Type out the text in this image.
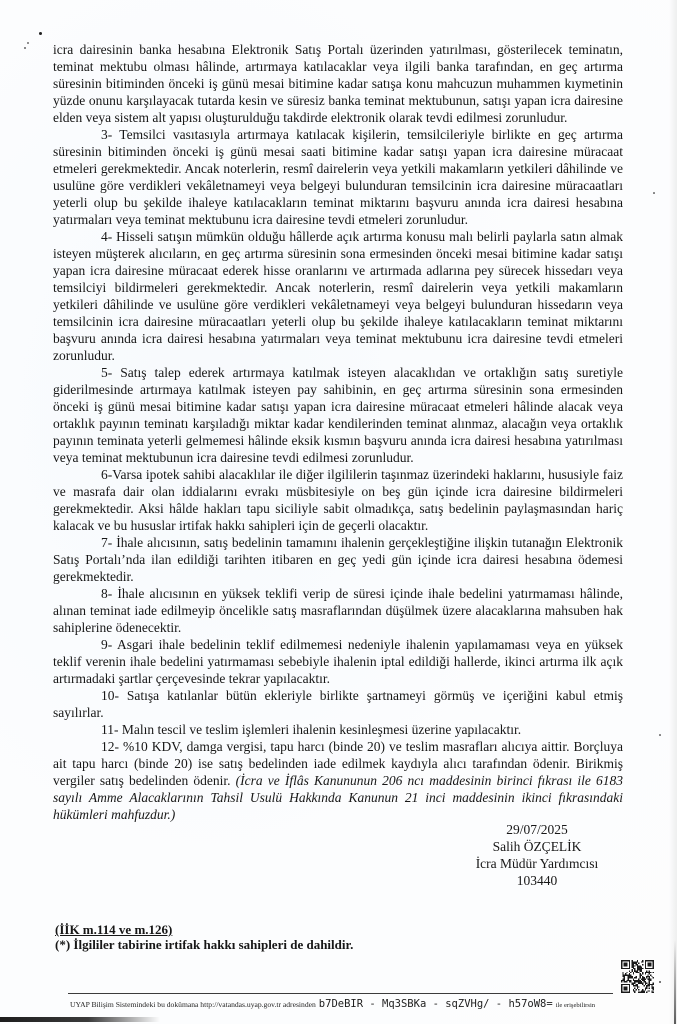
icra dairesinin banka hesabına Elektronik Satış Portalı üzerinden yatırılması, gösterilecek teminatın,
teminat mektubu olması hâlinde, artırmaya katılacaklar veya ilgili banka tarafından, en geç artırma
süresinin bitiminden önceki iş günü mesai bitimine kadar satışa konu mahcuzun muhammen kıymetinin
yüzde onunu karşılayacak tutarda kesin ve süresiz banka teminat mektubunun, satışı yapan icra dairesine
elden veya sistem alt yapısı oluşturulduğu takdirde elektronik olarak tevdi edilmesi zorunludur.
3- Temsilci vasıtasıyla artırmaya katılacak kişilerin, temsilcileriyle birlikte en geç artırma
süresinin bitiminden önceki iş günü mesai saati bitimine kadar satışı yapan icra dairesine müracaat
etmeleri gerekmektedir. Ancak noterlerin, resmî dairelerin veya yetkili makamların yetkileri dâhilinde ve
usulüne göre verdikleri vekâletnameyi veya belgeyi bulunduran temsilcinin icra dairesine müracaatları
yeterli olup bu şekilde ihaleye katılacakların teminat miktarını başvuru anında icra dairesi hesabına
yatırmaları veya teminat mektubunu icra dairesine tevdi etmeleri zorunludur.
4- Hisseli satışın mümkün olduğu hâllerde açık artırma konusu malı belirli paylarla satın almak
isteyen müşterek alıcıların, en geç artırma süresinin sona ermesinden önceki mesai bitimine kadar satışı
yapan icra dairesine müracaat ederek hisse oranlarını ve artırmada adlarına pey sürecek hissedarı veya
temsilciyi bildirmeleri gerekmektedir. Ancak noterlerin, resmî dairelerin veya yetkili makamların
yetkileri dâhilinde ve usulüne göre verdikleri vekâletnameyi veya belgeyi bulunduran hissedarın veya
temsilcinin icra dairesine müracaatları yeterli olup bu şekilde ihaleye katılacakların teminat miktarını
başvuru anında icra dairesi hesabına yatırmaları veya teminat mektubunu icra dairesine tevdi etmeleri
zorunludur.
5- Satış talep ederek artırmaya katılmak isteyen alacaklıdan ve ortaklığın satış suretiyle
giderilmesinde artırmaya katılmak isteyen pay sahibinin, en geç artırma süresinin sona ermesinden
önceki iş günü mesai bitimine kadar satışı yapan icra dairesine müracaat etmeleri hâlinde alacak veya
ortaklık payının teminatı karşıladığı miktar kadar kendilerinden teminat alınmaz, alacağın veya ortaklık
payının teminata yeterli gelmemesi hâlinde eksik kısmın başvuru anında icra dairesi hesabına yatırılması
veya teminat mektubunun icra dairesine tevdi edilmesi zorunludur.
6-Varsa ipotek sahibi alacaklılar ile diğer ilgililerin taşınmaz üzerindeki haklarını, hususiyle faiz
ve masrafa dair olan iddialarını evrakı müsbitesiyle on beş gün içinde icra dairesine bildirmeleri
gerekmektedir. Aksi hâlde hakları tapu siciliyle sabit olmadıkça, satış bedelinin paylaşmasından hariç
kalacak ve bu hususlar irtifak hakkı sahipleri için de geçerli olacaktır.
7- İhale alıcısının, satış bedelinin tamamını ihalenin gerçekleştiğine ilişkin tutanağın Elektronik
Satış Portalı’nda ilan edildiği tarihten itibaren en geç yedi gün içinde icra dairesi hesabına ödemesi
gerekmektedir.
8- İhale alıcısının en yüksek teklifi verip de süresi içinde ihale bedelini yatırmaması hâlinde,
alınan teminat iade edilmeyip öncelikle satış masraflarından düşülmek üzere alacaklarına mahsuben hak
sahiplerine ödenecektir.
9- Asgari ihale bedelinin teklif edilmemesi nedeniyle ihalenin yapılamaması veya en yüksek
teklif verenin ihale bedelini yatırmaması sebebiyle ihalenin iptal edildiği hallerde, ikinci artırma ilk açık
artırmadaki şartlar çerçevesinde tekrar yapılacaktır.
10- Satışa katılanlar bütün ekleriyle birlikte şartnameyi görmüş ve içeriğini kabul etmiş
sayılırlar.
11- Malın tescil ve teslim işlemleri ihalenin kesinleşmesi üzerine yapılacaktır.
12- %10 KDV, damga vergisi, tapu harcı (binde 20) ve teslim masrafları alıcıya aittir. Borçluya
ait tapu harcı (binde 20) ise satış bedelinden iade edilmek kaydıyla alıcı tarafından ödenir. Birikmiş
vergiler satış bedelinden ödenir. (İcra ve İflâs Kanununun 206 ncı maddesinin birinci fıkrası ile 6183
sayılı Amme Alacaklarının Tahsil Usulü Hakkında Kanunun 21 inci maddesinin ikinci fıkrasındaki
hükümleri mahfuzdur.)
29/07/2025
Salih ÖZÇELİK
İcra Müdür Yardımcısı
103440
(İİK m.114 ve m.126)
(*) İlgililer tabirine irtifak hakkı sahipleri de dahildir.
UYAP Bilişim Sistemindeki bu dokümana http://vatandas.uyap.gov.tr adresinden b7DeBIR - Mq3SBKa - sqZVHg/ - h57oW8= ile erişebilirsin
